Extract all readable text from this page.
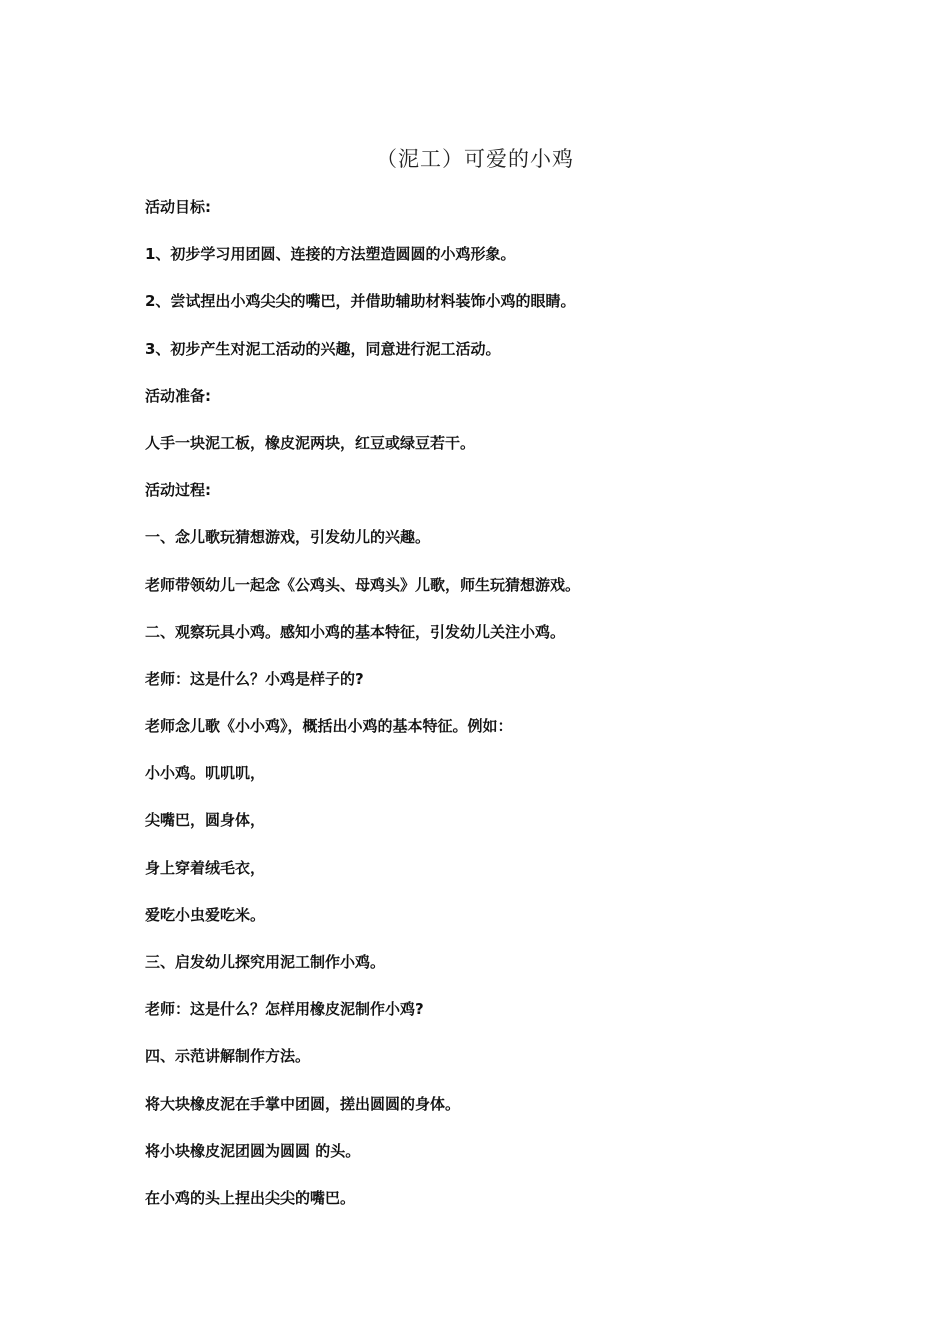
（泥工）可爱的小鸡
活动目标:
1、初步学习用团圆、连接的方法塑造圆圆的小鸡形象。
2、尝试捏出小鸡尖尖的嘴巴，并借助辅助材料装饰小鸡的眼睛。
3、初步产生对泥工活动的兴趣，同意进行泥工活动。
活动准备:
人手一块泥工板，橡皮泥两块，红豆或绿豆若干。
活动过程:
一、念儿歌玩猜想游戏，引发幼儿的兴趣。
老师带领幼儿一起念《公鸡头、母鸡头》儿歌，师生玩猜想游戏。
二、观察玩具小鸡。感知小鸡的基本特征，引发幼儿关注小鸡。
老师：这是什么？小鸡是样子的?
老师念儿歌《小小鸡》，概括出小鸡的基本特征。例如：
小小鸡。叽叽叽，
尖嘴巴，圆身体，
身上穿着绒毛衣，
爱吃小虫爱吃米。
三、启发幼儿探究用泥工制作小鸡。
老师：这是什么？怎样用橡皮泥制作小鸡?
四、示范讲解制作方法。
将大块橡皮泥在手掌中团圆，搓出圆圆的身体。
将小块橡皮泥团圆为圆圆 的头。
在小鸡的头上捏出尖尖的嘴巴。
